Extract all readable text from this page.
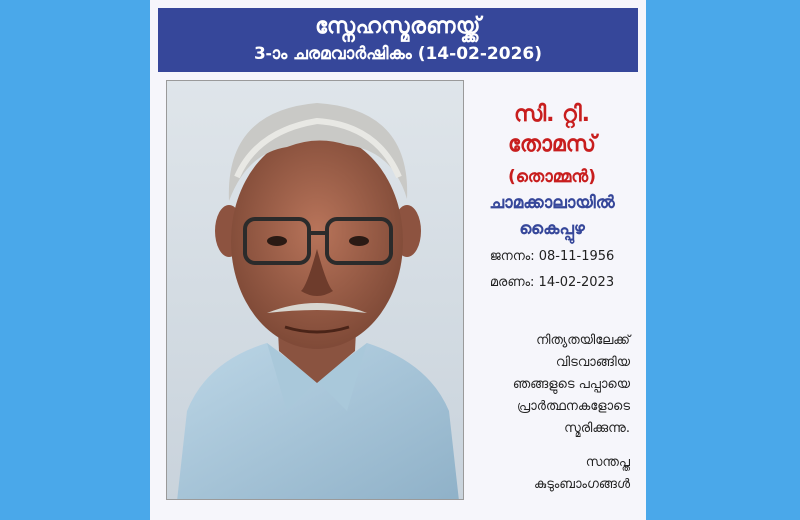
സ്നേഹസ്മരണയ്ക്ക്
3-ാം ചരമവാർഷികം (14-02-2026)
സി. റ്റി.
തോമസ്
(തൊമ്മൻ)
ചാമക്കാലായിൽ
കൈപ്പുഴ
ജനനം: 08-11-1956
മരണം: 14-02-2023
നിത്യതയിലേക്ക്
വിടവാങ്ങിയ
ഞങ്ങളുടെ പപ്പായെ
പ്രാർത്ഥനകളോടെ
സ്മരിക്കുന്നു.
സന്തപ്ത
കുടുംബാംഗങ്ങൾ
